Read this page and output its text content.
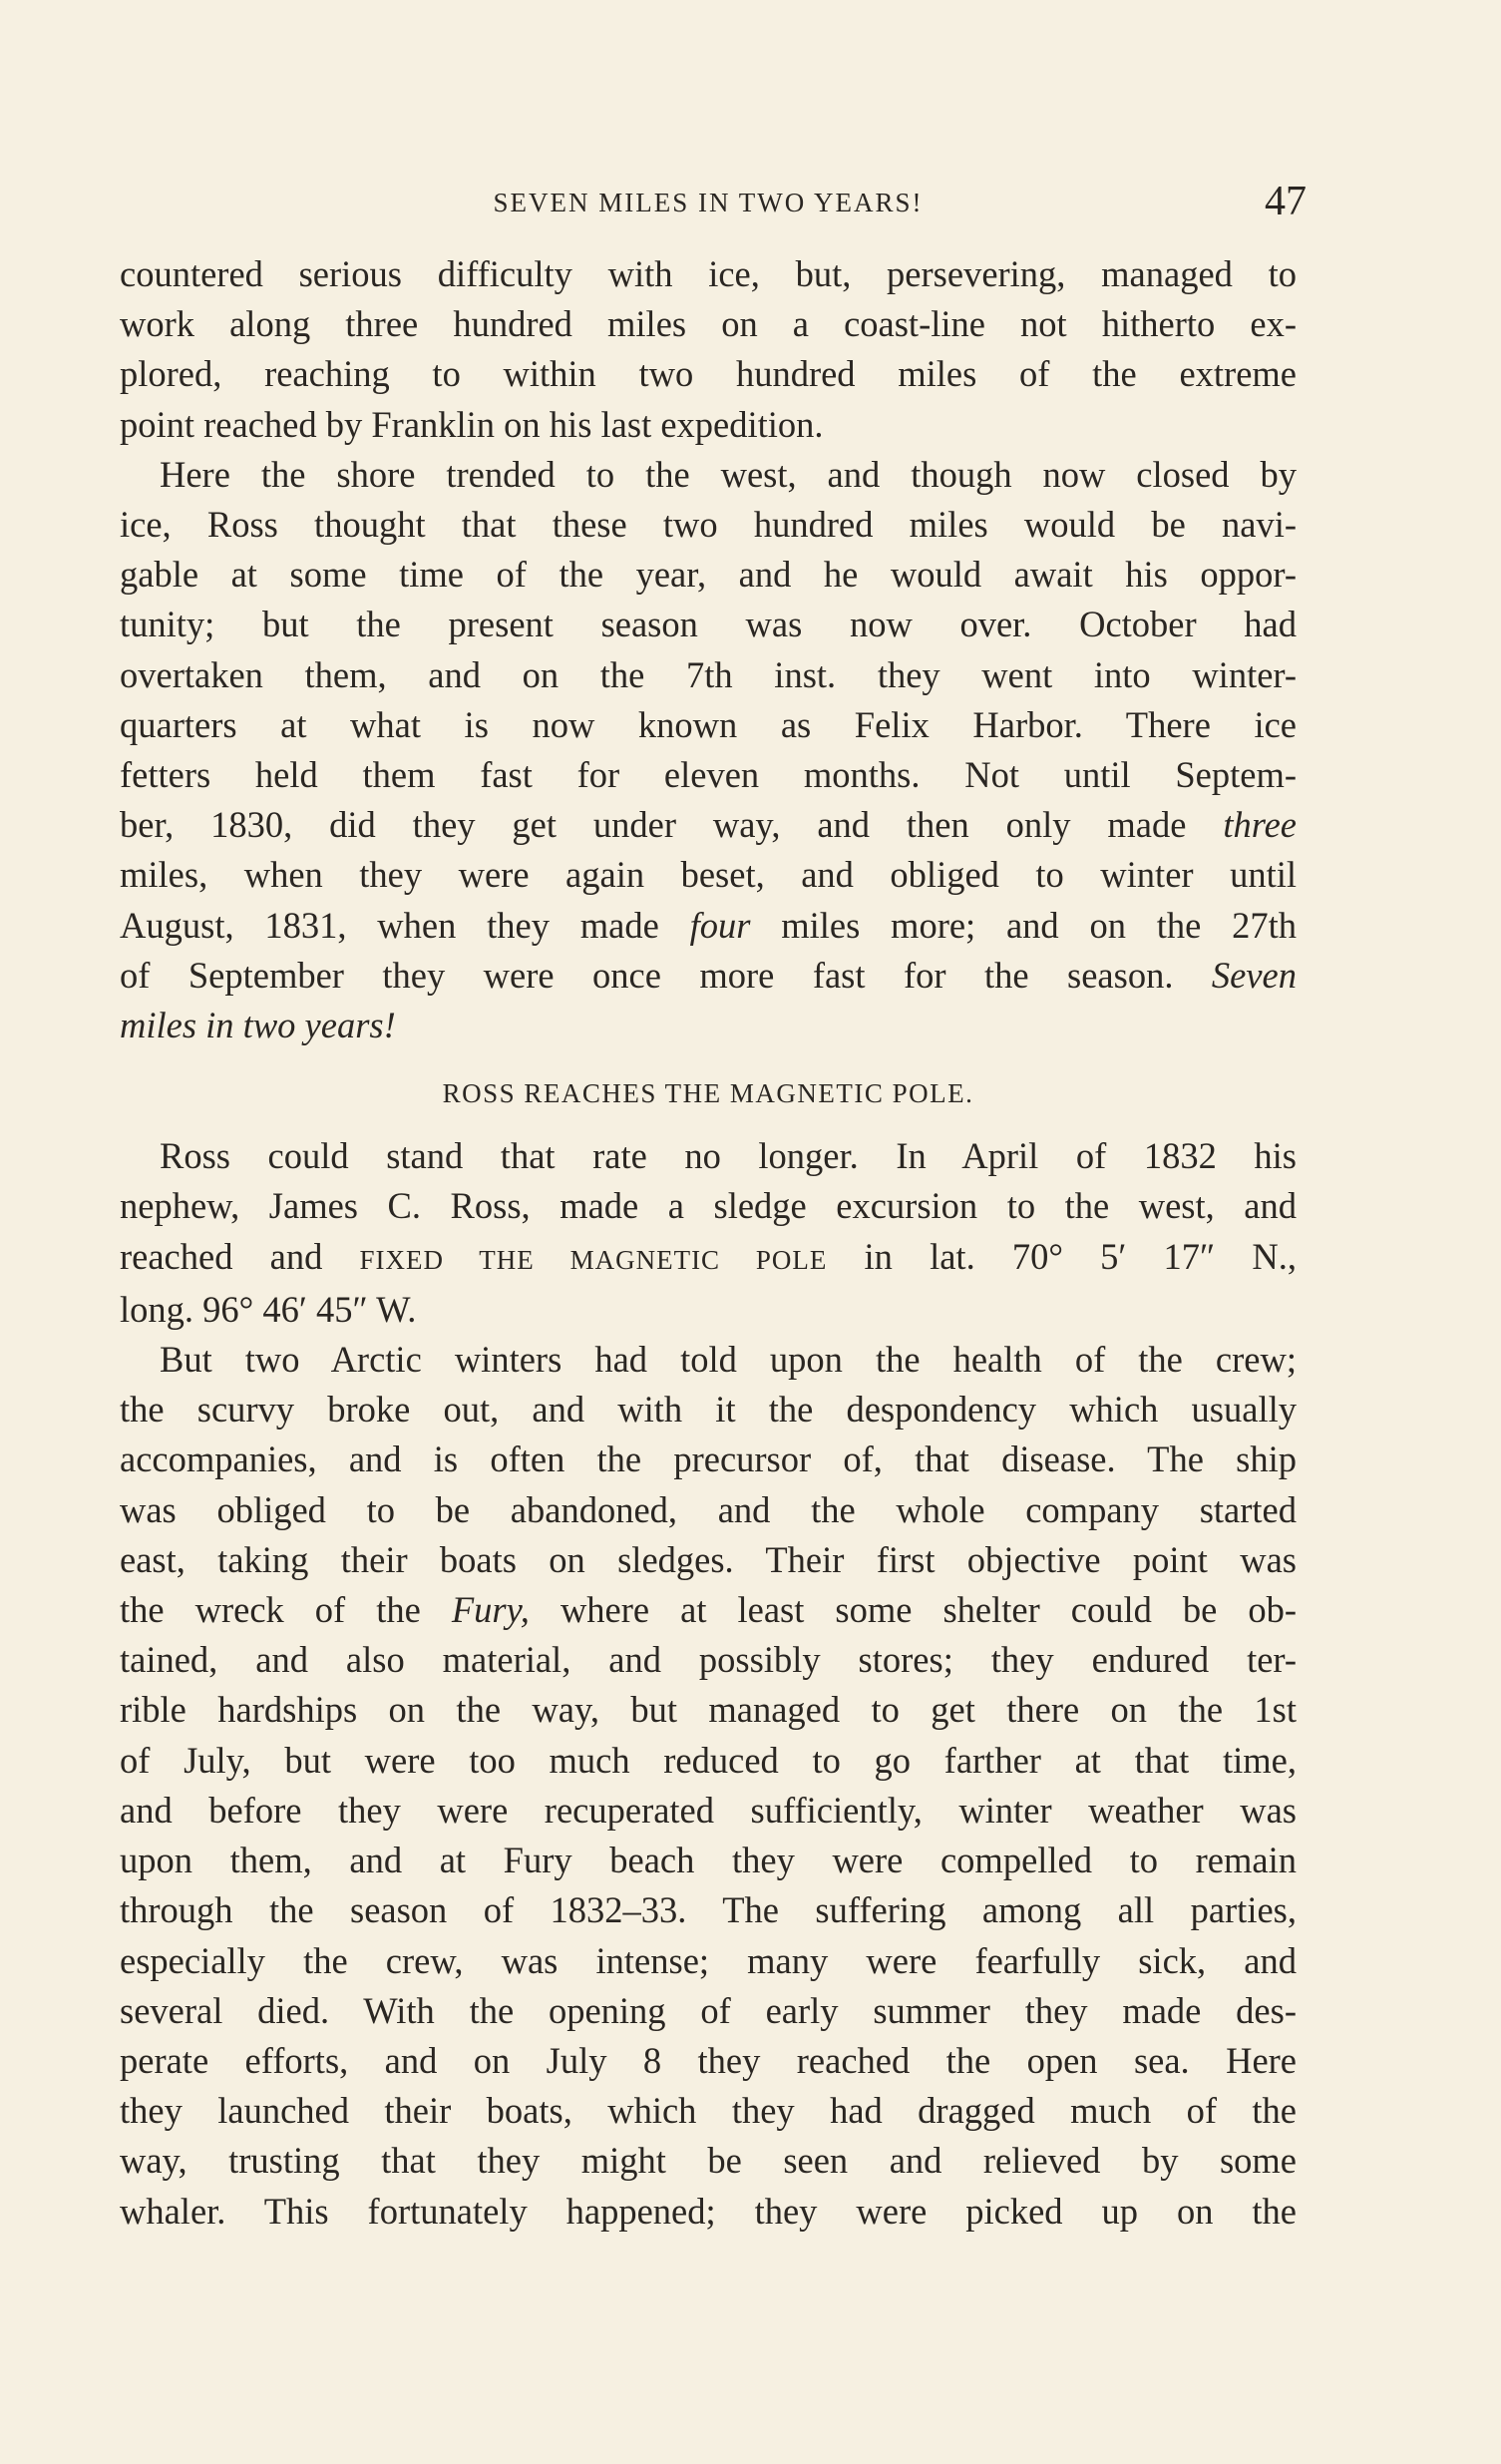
SEVEN MILES IN TWO YEARS!	47

countered serious difficulty with ice, but, persevering, managed to
work along three hundred miles on a coast-line not hitherto ex-
plored, reaching to within two hundred miles of the extreme
point reached by Franklin on his last expedition.

Here the shore trended to the west, and though now closed by
ice, Ross thought that these two hundred miles would be navi-
gable at some time of the year, and he would await his oppor-
tunity; but the present season was now over. October had
overtaken them, and on the 7th inst. they went into winter-
quarters at what is now known as Felix Harbor. There ice
fetters held them fast for eleven months. Not until Septem-
ber, 1830, did they get under way, and then only made three
miles, when they were again beset, and obliged to winter until
August, 1831, when they made four miles more; and on the 27th
of September they were once more fast for the season. Seven
miles in two years!

ROSS REACHES THE MAGNETIC POLE.

Ross could stand that rate no longer. In April of 1832 his
nephew, James C. Ross, made a sledge excursion to the west, and
reached and FIXED THE MAGNETIC POLE in lat. 70° 5′ 17″ N.,
long. 96° 46′ 45″ W.

But two Arctic winters had told upon the health of the crew;
the scurvy broke out, and with it the despondency which usually
accompanies, and is often the precursor of, that disease. The ship
was obliged to be abandoned, and the whole company started
east, taking their boats on sledges. Their first objective point was
the wreck of the Fury, where at least some shelter could be ob-
tained, and also material, and possibly stores; they endured ter-
rible hardships on the way, but managed to get there on the 1st
of July, but were too much reduced to go farther at that time,
and before they were recuperated sufficiently, winter weather was
upon them, and at Fury beach they were compelled to remain
through the season of 1832–33. The suffering among all parties,
especially the crew, was intense; many were fearfully sick, and
several died. With the opening of early summer they made des-
perate efforts, and on July 8 they reached the open sea. Here
they launched their boats, which they had dragged much of the
way, trusting that they might be seen and relieved by some
whaler. This fortunately happened; they were picked up on the
